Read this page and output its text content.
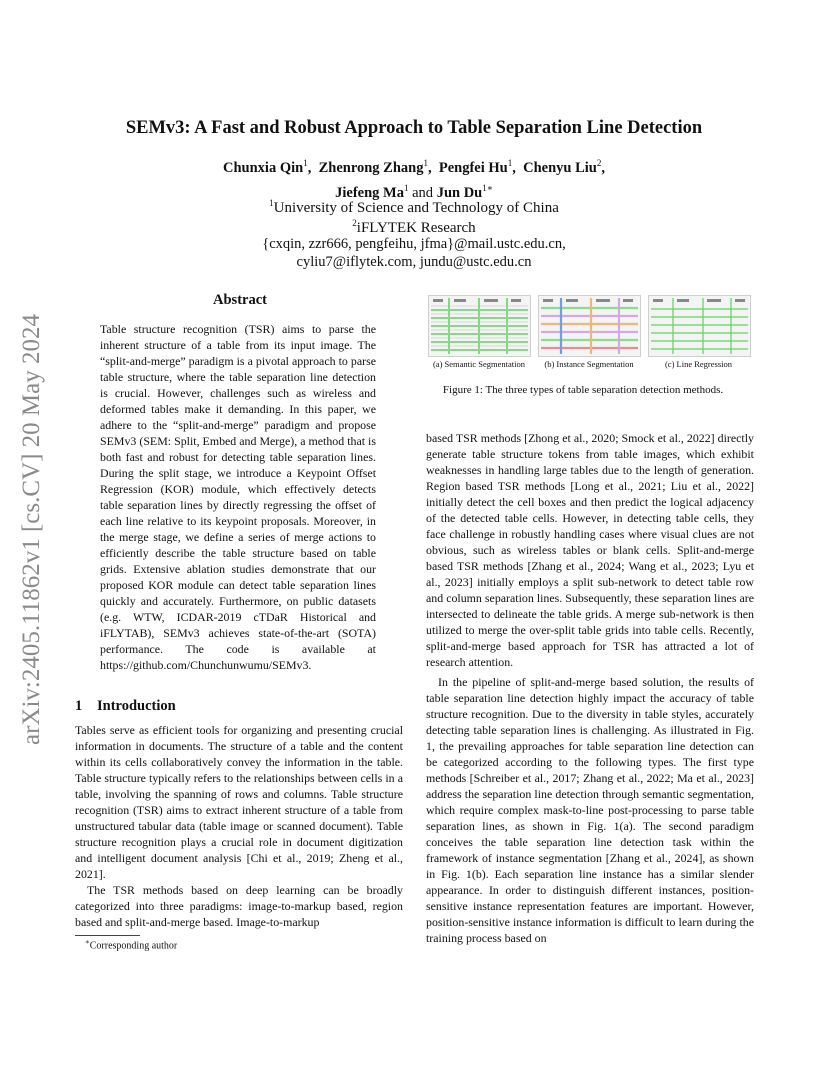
arXiv:2405.11862v1 [cs.CV] 20 May 2024
SEMv3: A Fast and Robust Approach to Table Separation Line Detection
Chunxia Qin$^1$,  Zhenrong Zhang$^1$,  Pengfei Hu$^1$,  Chenyu Liu$^2$,
Jiefeng Ma$^1$ and Jun $Du^{1∗}$
$^1$University of Science and Technology of China
$^2$iFLYTEK Research
{cxqin, zzr666, pengfeihu, jfma}@mail.ustc.edu.cn,
cyliu7@iflytek.com, jundu@ustc.edu.cn
Abstract

Table structure recognition (TSR) aims to parse the inherent structure of a table from its input image. The “split-and-merge” paradigm is a pivotal approach to parse table structure, where the table separation line detection is crucial. However, challenges such as wireless and deformed tables make it demanding. In this paper, we adhere to the “split-and-merge” paradigm and propose SEMv3 (SEM: Split, Embed and Merge), a method that is both fast and robust for detecting table separation lines. During the split stage, we introduce a Keypoint Offset Regression (KOR) module, which effectively detects table separation lines by directly regressing the offset of each line relative to its keypoint proposals. Moreover, in the merge stage, we define a series of merge actions to efficiently describe the table structure based on table grids. Extensive ablation studies demonstrate that our proposed KOR module can detect table separation lines quickly and accurately. Furthermore, on public datasets (e.g. WTW, ICDAR-2019 cTDaR Historical and iFLYTAB), SEMv3 achieves state-of-the-art (SOTA) performance. The code is available at https://github.com/Chunchunwumu/SEMv3.

1 Introduction

Tables serve as efficient tools for organizing and presenting crucial information in documents. The structure of a table and the content within its cells collaboratively convey the information in the table. Table structure typically refers to the relationships between cells in a table, involving the spanning of rows and columns. Table structure recognition (TSR) aims to extract inherent structure of a table from unstructured tabular data (table image or scanned document). Table structure recognition plays a crucial role in document digitization and intelligent document analysis [Chi et al., 2019; Zheng et al., 2021].

The TSR methods based on deep learning can be broadly categorized into three paradigms: image-to-markup based, region based and split-and-merge based. Image-to-markup

∗Corresponding author
(a) Semantic Segmentation	(b) Instance Segmentation	(c) Line Regression
Figure 1: The three types of table separation detection methods.

based TSR methods [Zhong et al., 2020; Smock et al., 2022] directly generate table structure tokens from table images, which exhibit weaknesses in handling large tables due to the length of generation. Region based TSR methods [Long et al., 2021; Liu et al., 2022] initially detect the cell boxes and then predict the logical adjacency of the detected table cells. However, in detecting table cells, they face challenge in robustly handling cases where visual clues are not obvious, such as wireless tables or blank cells. Split-and-merge based TSR methods [Zhang et al., 2024; Wang et al., 2023; Lyu et al., 2023] initially employs a split sub-network to detect table row and column separation lines. Subsequently, these separation lines are intersected to delineate the table grids. A merge sub-network is then utilized to merge the over-split table grids into table cells. Recently, split-and-merge based approach for TSR has attracted a lot of research attention.

In the pipeline of split-and-merge based solution, the results of table separation line detection highly impact the accuracy of table structure recognition. Due to the diversity in table styles, accurately detecting table separation lines is challenging. As illustrated in Fig. 1, the prevailing approaches for table separation line detection can be categorized according to the following types. The first type methods [Schreiber et al., 2017; Zhang et al., 2022; Ma et al., 2023] address the separation line detection through semantic segmentation, which require complex mask-to-line post-processing to parse table separation lines, as shown in Fig. 1(a). The second paradigm conceives the table separation line detection task within the framework of instance segmentation [Zhang et al., 2024], as shown in Fig. 1(b). Each separation line instance has a similar slender appearance. In order to distinguish different instances, position-sensitive instance representation features are important. However, position-sensitive instance information is difficult to learn during the training process based on
